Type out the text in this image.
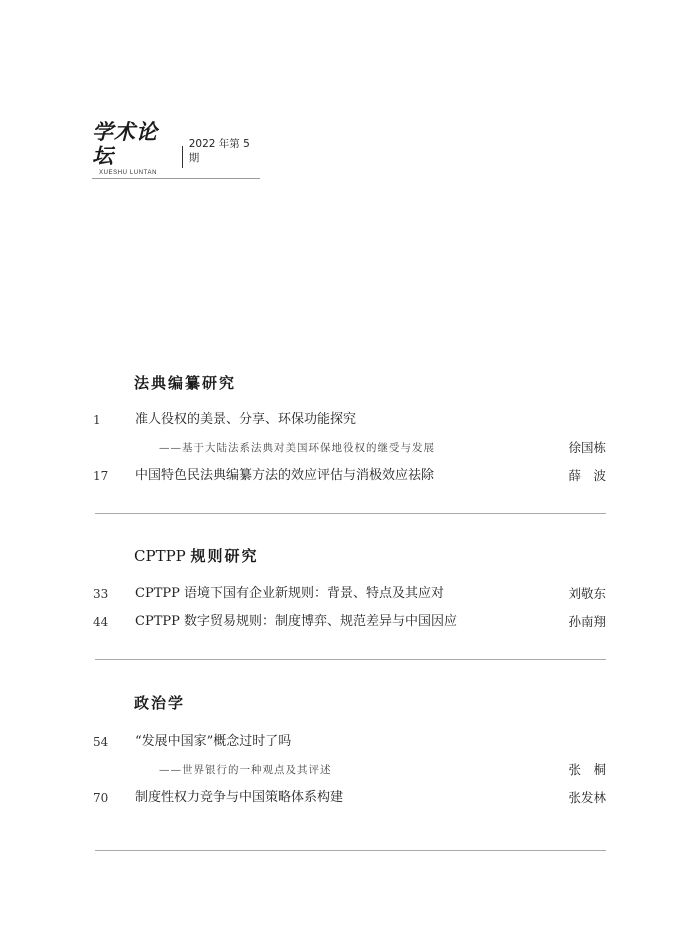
学术论坛	2022 年第 5 期
XUESHU LUNTAN
法典编纂研究
1	准人役权的美景、分享、环保功能探究
——基于大陆法系法典对美国环保地役权的继受与发展	徐国栋
17 中国特色民法典编纂方法的效应评估与消极效应祛除	薛　波
CPTPP 规则研究
33 CPTPP 语境下国有企业新规则：背景、特点及其应对	刘敬东
44 CPTPP 数字贸易规则：制度博弈、规范差异与中国因应	孙南翔
政治学
54 “发展中国家”概念过时了吗
——世界银行的一种观点及其评述	张　桐
70 制度性权力竞争与中国策略体系构建	张发林
